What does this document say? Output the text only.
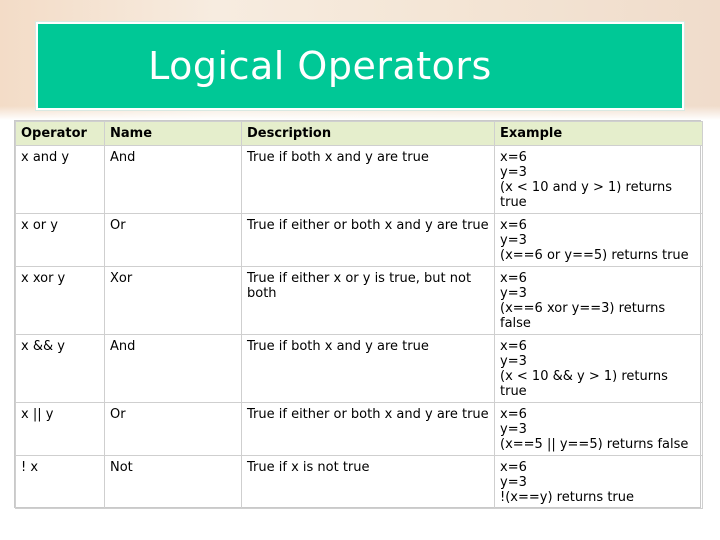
Logical Operators
Operator	Name	Description	Example
x and y	And	True if both x and y are true	x=6
y=3
(x < 10 and y > 1) returns
true

x or y	Or	True if either or both x and y are true	x=6
y=3
(x==6 or y==5) returns true

x xor y	Xor	True if either x or y is true, but not both	x=6
y=3
(x==6 xor y==3) returns
false

x && y	And	True if both x and y are true	x=6
y=3
(x < 10 && y > 1) returns
true

x || y	Or	True if either or both x and y are true	x=6
y=3
(x==5 || y==5) returns false

! x	Not	True if x is not true	x=6
y=3
!(x==y) returns true
